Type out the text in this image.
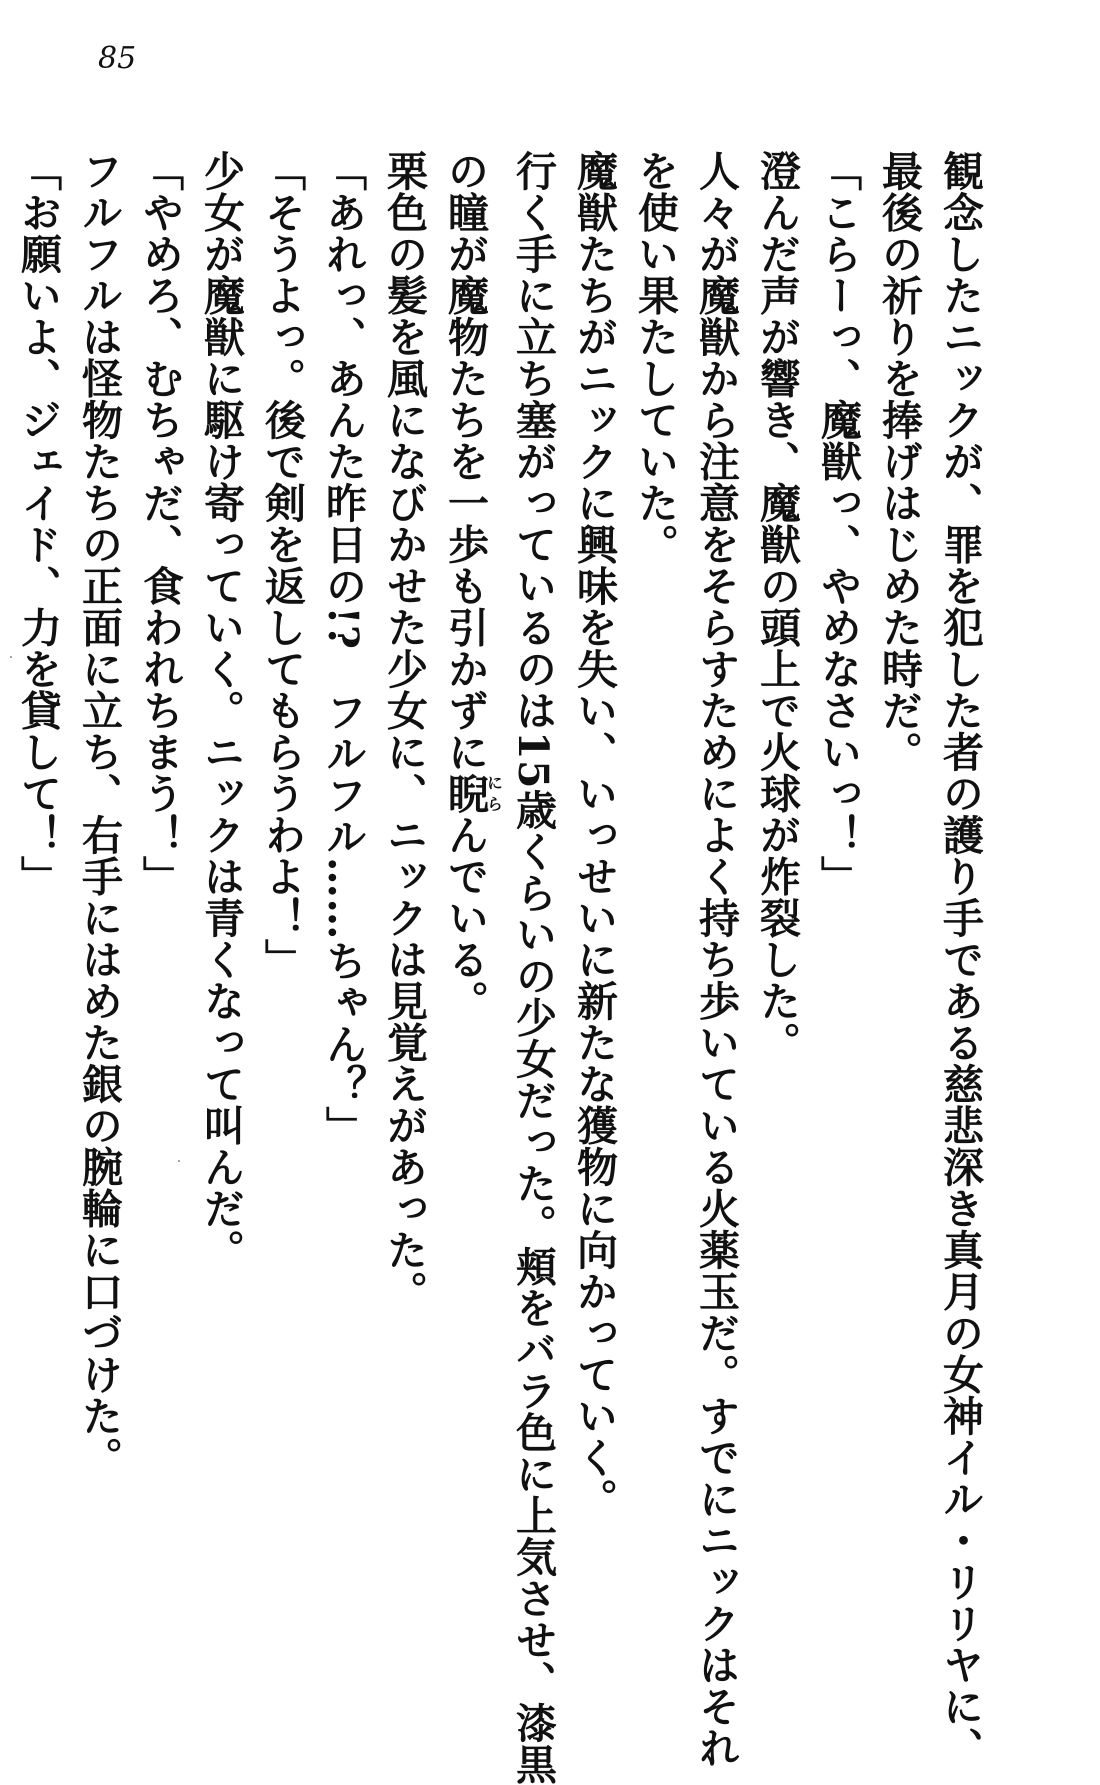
85
観念したニックが、罪を犯した者の護り手である慈悲深き真月の女神イル・リリヤに、
最後の祈りを捧げはじめた時だ。
「こらーっ、魔獣っ、やめなさいっ！」
澄んだ声が響き、魔獣の頭上で火球が炸裂した。
人々が魔獣から注意をそらすためによく持ち歩いている火薬玉だ。すでにニックはそれ
を使い果たしていた。
魔獣たちがニックに興味を失い、いっせいに新たな獲物に向かっていく。
行く手に立ち塞がっているのは15歳くらいの少女だった。頬をバラ色に上気させ、漆黒
の瞳が魔物たちを一歩も引かずに睨にらんでいる。
栗色の髪を風になびかせた少女に、ニックは見覚えがあった。
「あれっ、あんた昨日の!?　フルフル……ちゃん？」
「そうよっ。後で剣を返してもらうわよ！」
少女が魔獣に駆け寄っていく。ニックは青くなって叫んだ。
「やめろ、むちゃだ、食われちまう！」
フルフルは怪物たちの正面に立ち、右手にはめた銀の腕輪に口づけた。
「お願いよ、ジェイド、力を貸して！」
